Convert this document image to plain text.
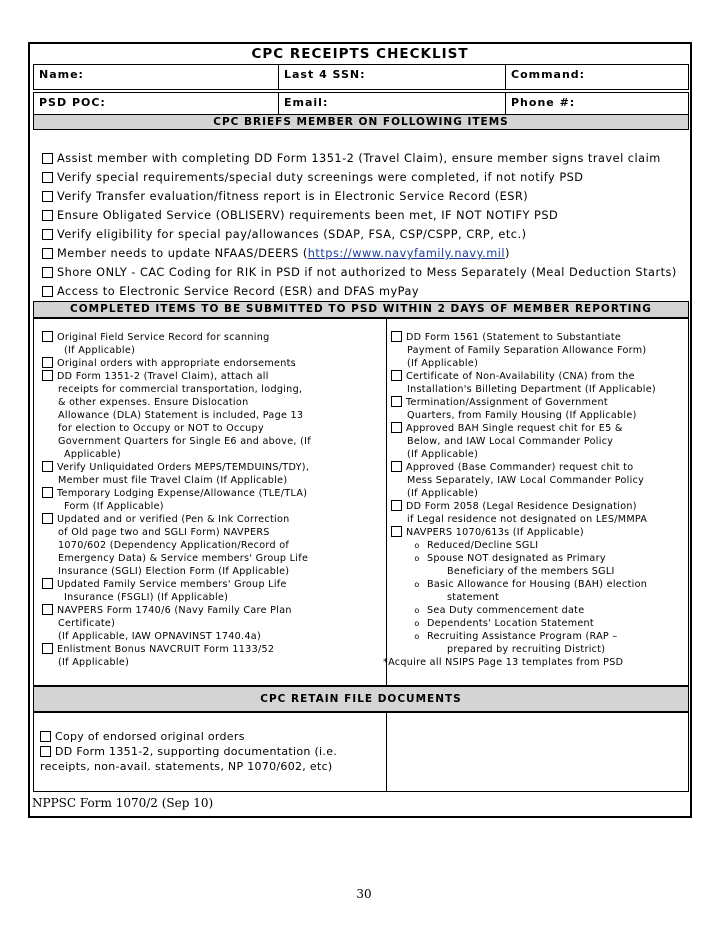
CPC RECEIPTS CHECKLIST
Name:	Last 4 SSN:	Command:
PSD POC:	Email:	Phone #:
CPC BRIEFS MEMBER ON FOLLOWING ITEMS
Assist member with completing DD Form 1351-2 (Travel Claim), ensure member signs travel claim
Verify special requirements/special duty screenings were completed, if not notify PSD
Verify Transfer evaluation/fitness report is in Electronic Service Record (ESR)
Ensure Obligated Service (OBLISERV) requirements been met, IF NOT NOTIFY PSD
Verify eligibility for special pay/allowances (SDAP, FSA, CSP/CSPP, CRP, etc.)
Member needs to update NFAAS/DEERS (https://www.navyfamily.navy.mil)
Shore ONLY - CAC Coding for RIK in PSD if not authorized to Mess Separately (Meal Deduction Starts)
Access to Electronic Service Record (ESR) and DFAS myPay
COMPLETED ITEMS TO BE SUBMITTED TO PSD WITHIN 2 DAYS OF MEMBER REPORTING
Original Field Service Record for scanning
(If Applicable)
Original orders with appropriate endorsements
DD Form 1351-2 (Travel Claim), attach all
receipts for commercial transportation, lodging,
& other expenses. Ensure Dislocation
Allowance (DLA) Statement is included, Page 13
for election to Occupy or NOT to Occupy
Government Quarters for Single E6 and above, (If
Applicable)
Verify Unliquidated Orders MEPS/TEMDUINS/TDY),
Member must file Travel Claim (If Applicable)
Temporary Lodging Expense/Allowance (TLE/TLA)
Form (If Applicable)
Updated and or verified (Pen & Ink Correction
of Old page two and SGLI Form) NAVPERS
1070/602 (Dependency Application/Record of
Emergency Data) & Service members' Group Life
Insurance (SGLI) Election Form (If Applicable)
Updated Family Service members' Group Life
Insurance (FSGLI) (If Applicable)
NAVPERS Form 1740/6 (Navy Family Care Plan
Certificate)
(If Applicable, IAW OPNAVINST 1740.4a)
Enlistment Bonus NAVCRUIT Form 1133/52
(If Applicable)
DD Form 1561 (Statement to Substantiate
Payment of Family Separation Allowance Form)
(If Applicable)
Certificate of Non-Availability (CNA) from the
Installation's Billeting Department (If Applicable)
Termination/Assignment of Government
Quarters, from Family Housing (If Applicable)
Approved BAH Single request chit for E5 &
Below, and IAW Local Commander Policy
(If Applicable)
Approved (Base Commander) request chit to
Mess Separately, IAW Local Commander Policy
(If Applicable)
DD Form 2058 (Legal Residence Designation)
if Legal residence not designated on LES/MMPA
NAVPERS 1070/613s (If Applicable)
o Reduced/Decline SGLI
o Spouse NOT designated as Primary
Beneficiary of the members SGLI
o Basic Allowance for Housing (BAH) election
statement
o Sea Duty commencement date
o Dependents' Location Statement
o Recruiting Assistance Program (RAP –
prepared by recruiting District)
*Acquire all NSIPS Page 13 templates from PSD
CPC RETAIN FILE DOCUMENTS
Copy of endorsed original orders
DD Form 1351-2, supporting documentation (i.e.
receipts, non-avail. statements, NP 1070/602, etc)
NPPSC Form 1070/2 (Sep 10)
30
